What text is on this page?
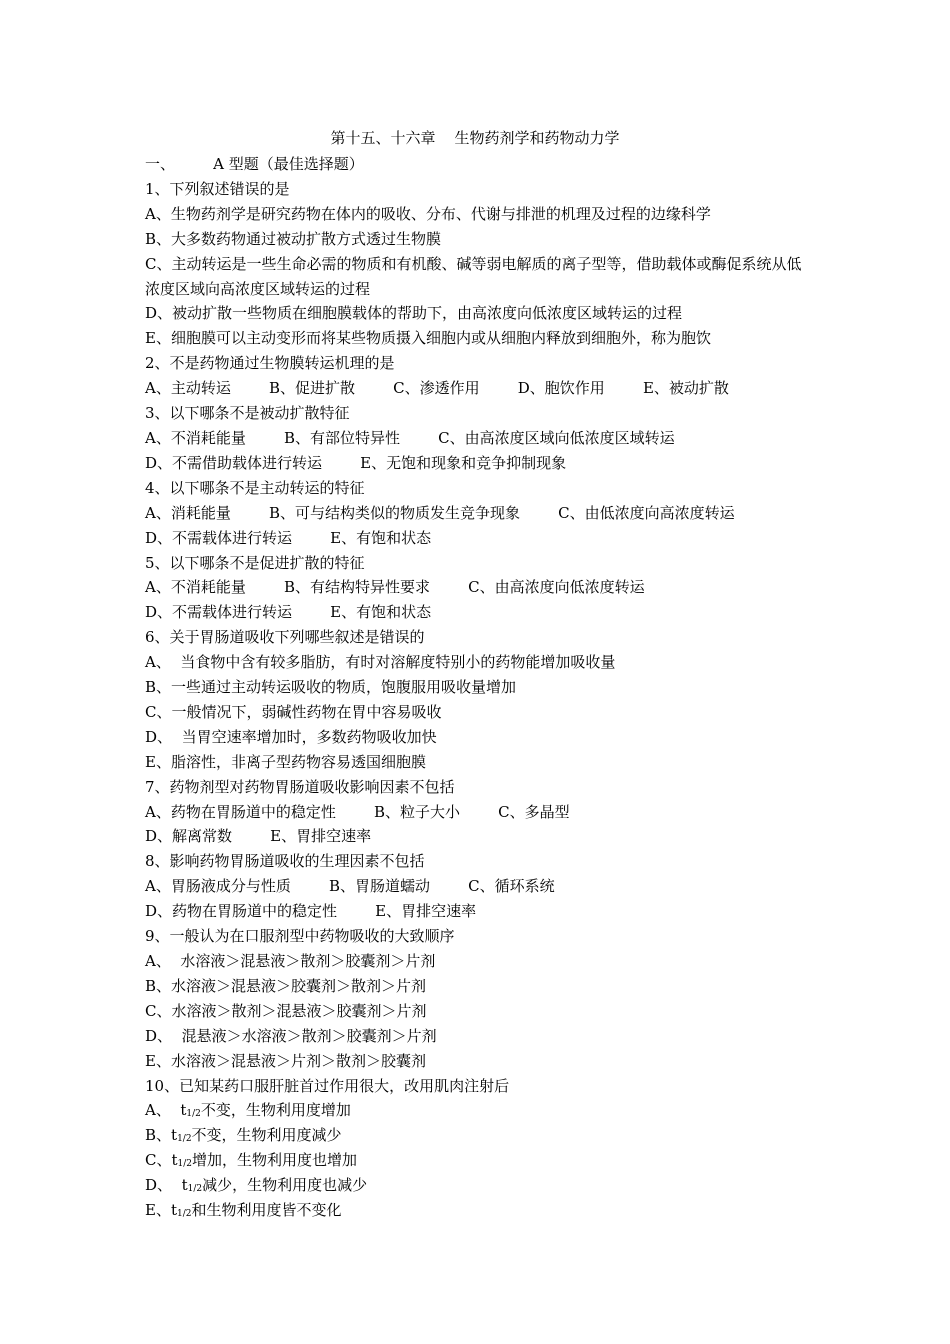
第十五、十六章    生物药剂学和药物动力学
一、        A 型题（最佳选择题）
1、下列叙述错误的是
A、生物药剂学是研究药物在体内的吸收、分布、代谢与排泄的机理及过程的边缘科学
B、大多数药物通过被动扩散方式透过生物膜
C、主动转运是一些生命必需的物质和有机酸、碱等弱电解质的离子型等，借助载体或酶促系统从低浓度区域向高浓度区域转运的过程
D、被动扩散一些物质在细胞膜载体的帮助下，由高浓度向低浓度区域转运的过程
E、细胞膜可以主动变形而将某些物质摄入细胞内或从细胞内释放到细胞外，称为胞饮
2、不是药物通过生物膜转运机理的是
A、主动转运        B、促进扩散        C、渗透作用        D、胞饮作用        E、被动扩散
3、以下哪条不是被动扩散特征
A、不消耗能量        B、有部位特异性        C、由高浓度区域向低浓度区域转运
D、不需借助载体进行转运        E、无饱和现象和竞争抑制现象
4、以下哪条不是主动转运的特征
A、消耗能量        B、可与结构类似的物质发生竞争现象        C、由低浓度向高浓度转运
D、不需载体进行转运        E、有饱和状态
5、以下哪条不是促进扩散的特征
A、不消耗能量        B、有结构特异性要求        C、由高浓度向低浓度转运
D、不需载体进行转运        E、有饱和状态
6、关于胃肠道吸收下列哪些叙述是错误的
A、  当食物中含有较多脂肪，有时对溶解度特别小的药物能增加吸收量
B、一些通过主动转运吸收的物质，饱腹服用吸收量增加
C、一般情况下，弱碱性药物在胃中容易吸收
D、  当胃空速率增加时，多数药物吸收加快
E、脂溶性，非离子型药物容易透国细胞膜
7、药物剂型对药物胃肠道吸收影响因素不包括
A、药物在胃肠道中的稳定性        B、粒子大小        C、多晶型
D、解离常数        E、胃排空速率
8、影响药物胃肠道吸收的生理因素不包括
A、胃肠液成分与性质        B、胃肠道蠕动        C、循环系统
D、药物在胃肠道中的稳定性        E、胃排空速率
9、一般认为在口服剂型中药物吸收的大致顺序
A、  水溶液＞混悬液＞散剂＞胶囊剂＞片剂
B、水溶液＞混悬液＞胶囊剂＞散剂＞片剂
C、水溶液＞散剂＞混悬液＞胶囊剂＞片剂
D、  混悬液＞水溶液＞散剂＞胶囊剂＞片剂
E、水溶液＞混悬液＞片剂＞散剂＞胶囊剂
10、已知某药口服肝脏首过作用很大，改用肌肉注射后
A、  $t_{1/2}$不变，生物利用度增加
B、$t_{1/2}$不变，生物利用度减少
C、$t_{1/2}$增加，生物利用度也增加
D、  $t_{1/2}$减少，生物利用度也减少
E、$t_{1/2}$和生物利用度皆不变化
